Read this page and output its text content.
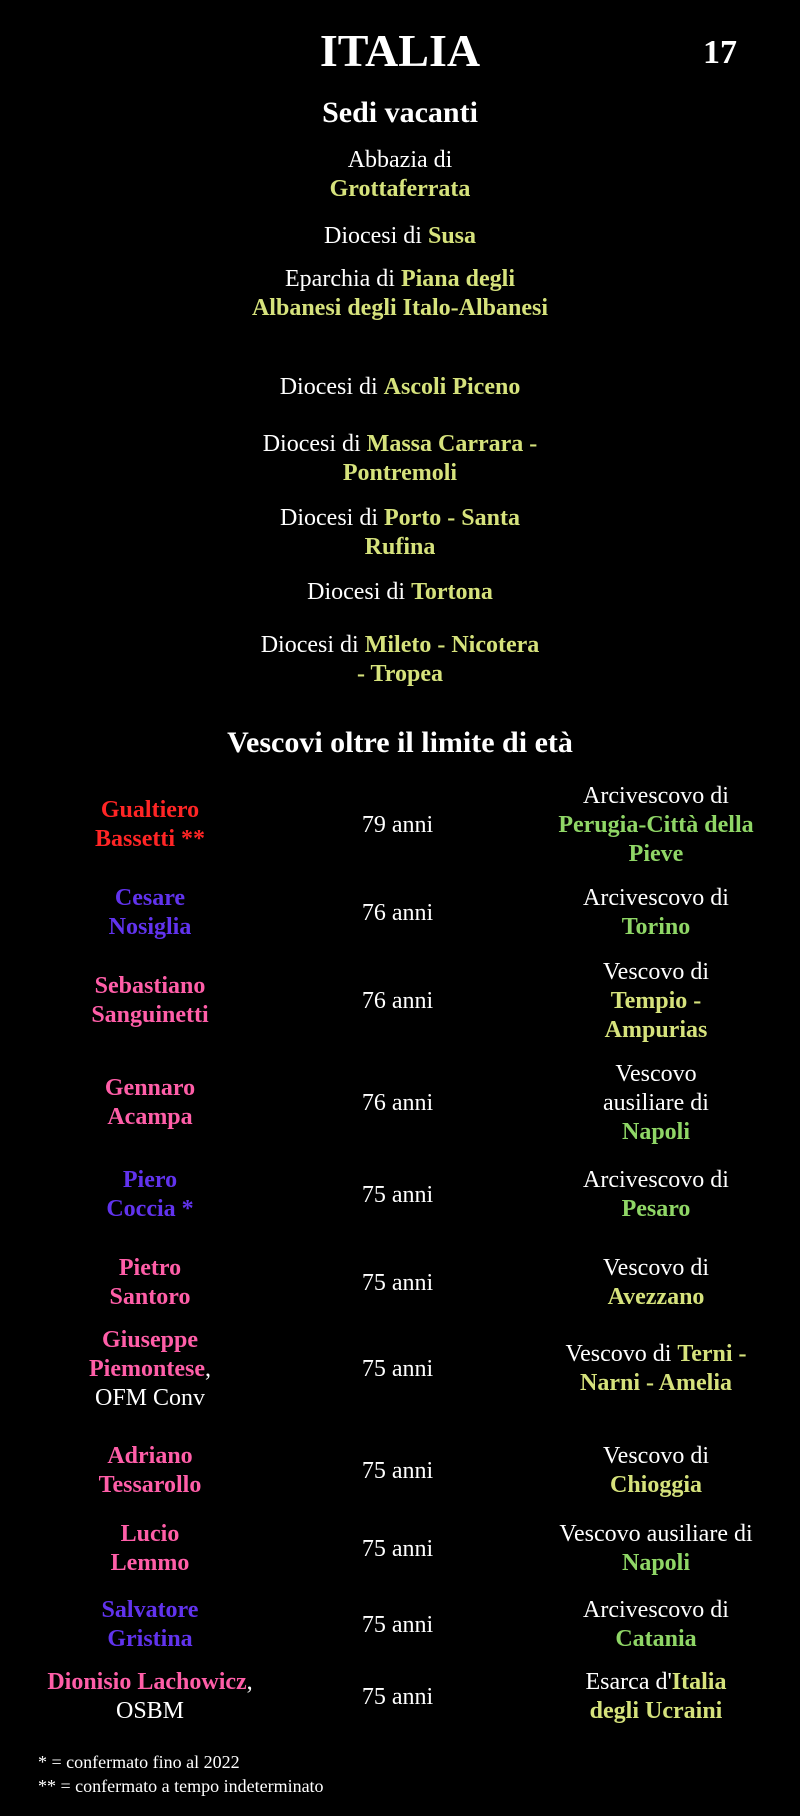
ITALIA	17
Sedi vacanti
Abbazia di
Grottaferrata
Diocesi di Susa
Eparchia di Piana degli Albanesi degli Italo-Albanesi
Diocesi di Ascoli Piceno
Diocesi di Massa Carrara - Pontremoli
Diocesi di Porto - Santa Rufina
Diocesi di Tortona
Diocesi di Mileto - Nicotera - Tropea
Vescovi oltre il limite di età
Gualtiero Bassetti **
79 anni
Arcivescovo di Perugia-Città della Pieve
Cesare Nosiglia
76 anni
Arcivescovo di Torino
Sebastiano Sanguinetti
76 anni
Vescovo di Tempio - Ampurias
Gennaro Acampa
76 anni
Vescovo ausiliare di Napoli
Piero Coccia *
75 anni
Arcivescovo di Pesaro
Pietro Santoro
75 anni
Vescovo di Avezzano
Giuseppe Piemontese, OFM Conv
75 anni
Vescovo di Terni - Narni - Amelia
Adriano Tessarollo
75 anni
Vescovo di Chioggia
Lucio Lemmo
75 anni
Vescovo ausiliare di Napoli
Salvatore Gristina
75 anni
Arcivescovo di Catania
Dionisio Lachowicz, OSBM
75 anni
Esarca d'Italia degli Ucraini
* = confermato fino al 2022
** = confermato a tempo indeterminato
